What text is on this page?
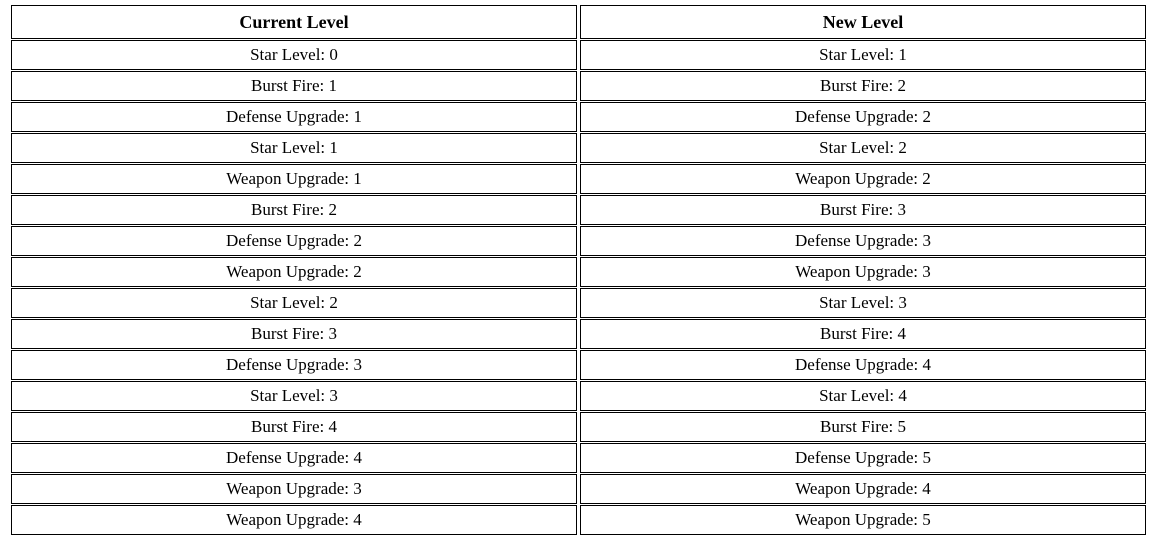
Current Level	New Level
Star Level: 0	Star Level: 1
Burst Fire: 1	Burst Fire: 2
Defense Upgrade: 1	Defense Upgrade: 2
Star Level: 1	Star Level: 2
Weapon Upgrade: 1	Weapon Upgrade: 2
Burst Fire: 2	Burst Fire: 3
Defense Upgrade: 2	Defense Upgrade: 3
Weapon Upgrade: 2	Weapon Upgrade: 3
Star Level: 2	Star Level: 3
Burst Fire: 3	Burst Fire: 4
Defense Upgrade: 3	Defense Upgrade: 4
Star Level: 3	Star Level: 4
Burst Fire: 4	Burst Fire: 5
Defense Upgrade: 4	Defense Upgrade: 5
Weapon Upgrade: 3	Weapon Upgrade: 4
Weapon Upgrade: 4	Weapon Upgrade: 5
